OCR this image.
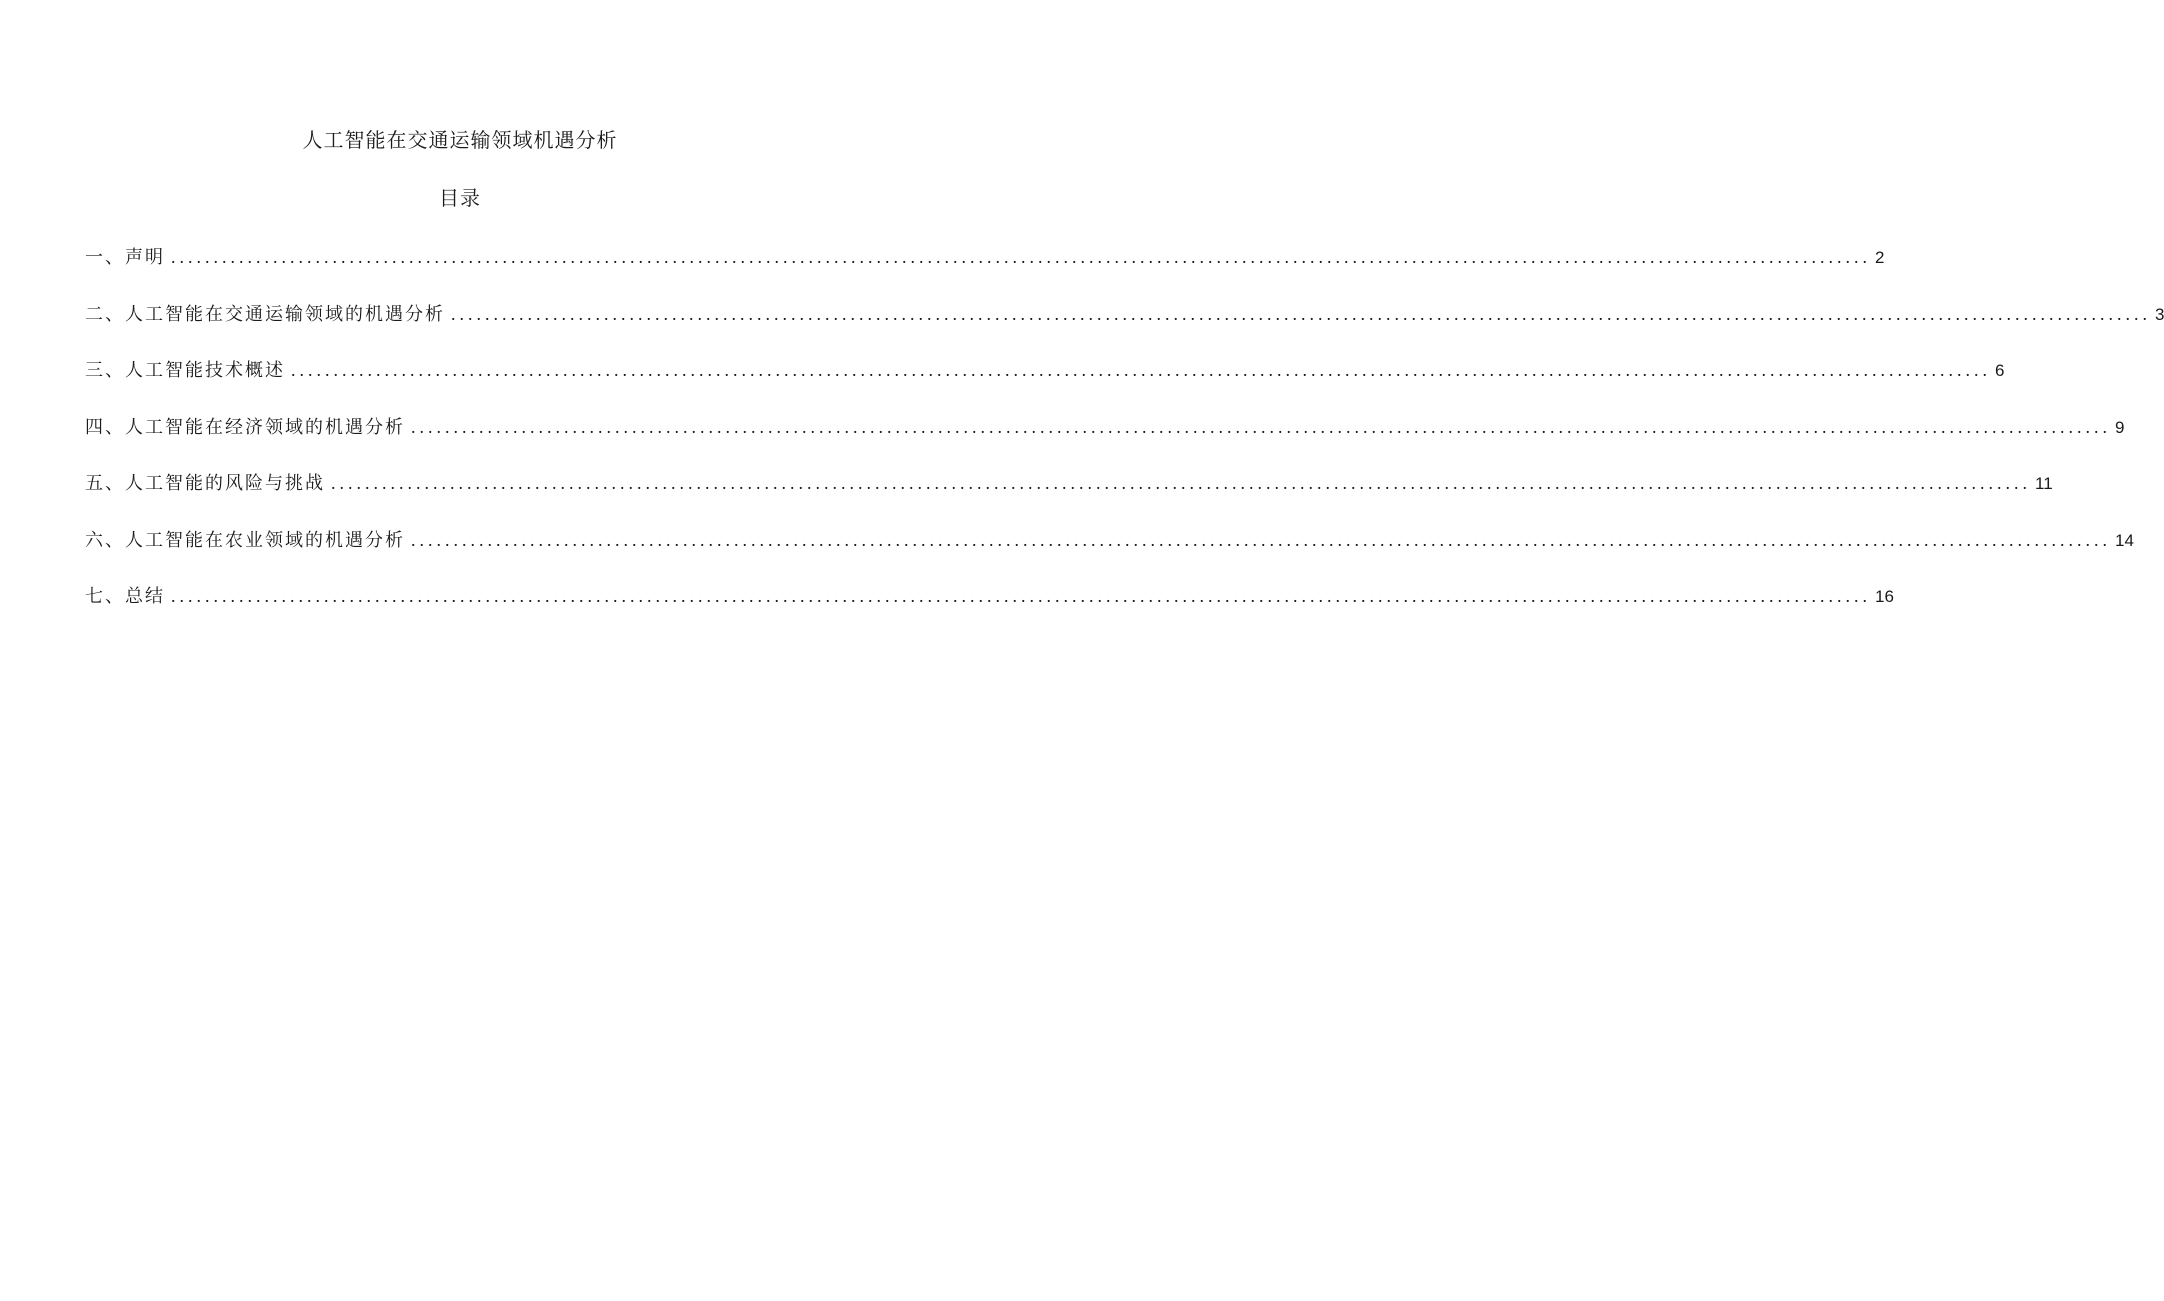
人工智能在交通运输领域机遇分析
目录
一、声明 ........................................................................................................................................................................................................ 2
二、人工智能在交通运输领域的机遇分析 ........................................................................................................................................................................................................ 3
三、人工智能技术概述 ........................................................................................................................................................................................................ 6
四、人工智能在经济领域的机遇分析 ........................................................................................................................................................................................................ 9
五、人工智能的风险与挑战 ........................................................................................................................................................................................................ 11
六、人工智能在农业领域的机遇分析 ........................................................................................................................................................................................................ 14
七、总结 ........................................................................................................................................................................................................ 16
